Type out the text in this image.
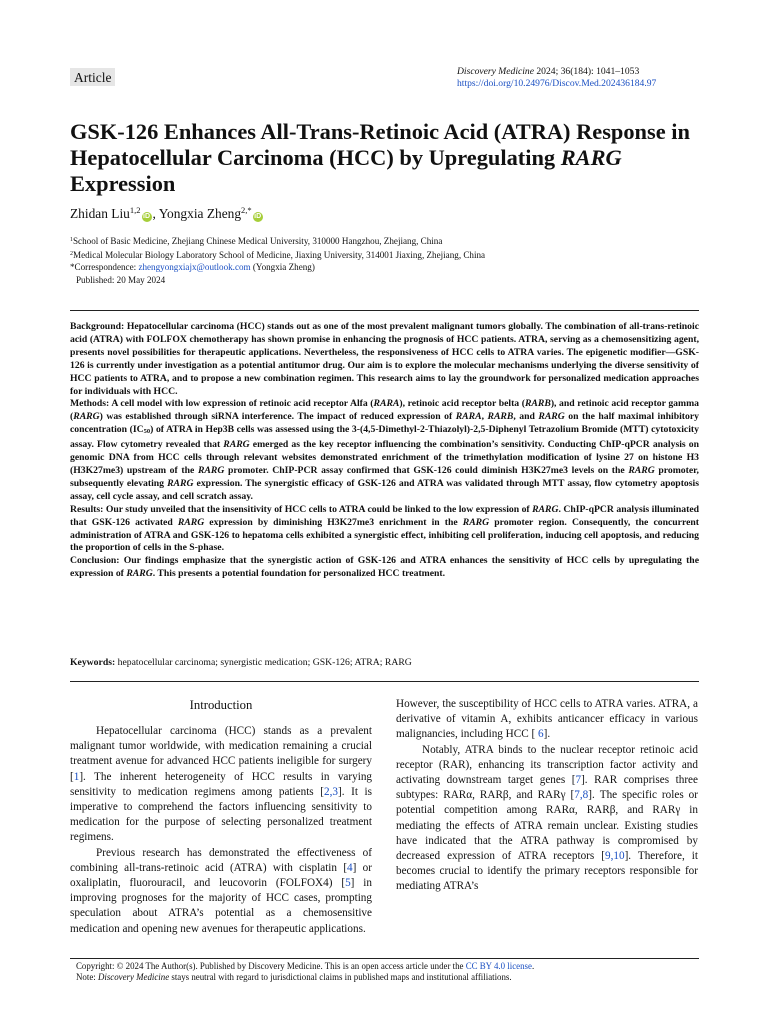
Article	Discovery Medicine 2024; 36(184): 1041–1053
https://doi.org/10.24976/Discov.Med.202436184.97
GSK-126 Enhances All-Trans-Retinoic Acid (ATRA) Response in Hepatocellular Carcinoma (HCC) by Upregulating RARG Expression
Zhidan Liu$^{1,2}$iD , Yongxia Zheng$^{2,*}$iD
$^1$School of Basic Medicine, Zhejiang Chinese Medical University, 310000 Hangzhou, Zhejiang, China
$^2$Medical Molecular Biology Laboratory School of Medicine, Jiaxing University, 314001 Jiaxing, Zhejiang, China
*Correspondence: zhengyongxiajx@outlook.com (Yongxia Zheng)
Published: 20 May 2024

Background: Hepatocellular carcinoma (HCC) stands out as one of the most prevalent malignant tumors globally. The combination of all-trans-retinoic acid (ATRA) with FOLFOX chemotherapy has shown promise in enhancing the prognosis of HCC patients. ATRA, serving as a chemosensitizing agent, presents novel possibilities for therapeutic applications. Nevertheless, the responsiveness of HCC cells to ATRA varies. The epigenetic modifier—GSK-126 is currently under investigation as a potential antitumor drug. Our aim is to explore the molecular mechanisms underlying the diverse sensitivity of HCC patients to ATRA, and to propose a new combination regimen. This research aims to lay the groundwork for personalized medication approaches for individuals with HCC.

Methods: A cell model with low expression of retinoic acid receptor Alfa (RARA), retinoic acid receptor belta (RARB), and retinoic acid receptor gamma (RARG) was established through siRNA interference. The impact of reduced expression of RARA, RARB, and RARG on the half maximal inhibitory concentration $(IC_{50})$ of ATRA in Hep3B cells was assessed using the 3-(4,5-Dimethyl-2-Thiazolyl)-2,5-Diphenyl Tetrazolium Bromide (MTT) cytotoxicity assay. Flow cytometry revealed that RARG emerged as the key receptor influencing the combination’s sensitivity. Conducting ChIP-qPCR analysis on genomic DNA from HCC cells through relevant websites demonstrated enrichment of the trimethylation modification of lysine 27 on histone H3 (H3K27me3) upstream of the RARG promoter. ChIP-PCR assay confirmed that GSK-126 could diminish H3K27me3 levels on the RARG promoter, subsequently elevating RARG expression. The synergistic efficacy of GSK-126 and ATRA was validated through MTT assay, flow cytometry apoptosis assay, cell cycle assay, and cell scratch assay.

Results: Our study unveiled that the insensitivity of HCC cells to ATRA could be linked to the low expression of RARG. ChIP-qPCR analysis illuminated that GSK-126 activated RARG expression by diminishing H3K27me3 enrichment in the RARG promoter region. Consequently, the concurrent administration of ATRA and GSK-126 to hepatoma cells exhibited a synergistic effect, inhibiting cell proliferation, inducing cell apoptosis, and reducing the proportion of cells in the S-phase.

Conclusion: Our findings emphasize that the synergistic action of GSK-126 and ATRA enhances the sensitivity of HCC cells by upregulating the expression of RARG. This presents a potential foundation for personalized HCC treatment.

Keywords: hepatocellular carcinoma; synergistic medication; GSK-126; ATRA; RARG
Introduction

Hepatocellular carcinoma (HCC) stands as a prevalent malignant tumor worldwide, with medication remaining a crucial treatment avenue for advanced HCC patients ineligible for surgery [1]. The inherent heterogeneity of HCC results in varying sensitivity to medication regimens among patients [2,3]. It is imperative to comprehend the factors influencing sensitivity to medication for the purpose of selecting personalized treatment regimens.

Previous research has demonstrated the effectiveness of combining all-trans-retinoic acid (ATRA) with cisplatin [4] or oxaliplatin, fluorouracil, and leucovorin (FOLFOX4) [5] in improving prognoses for the majority of HCC cases, prompting speculation about ATRA’s potential as a chemosensitive medication and opening new avenues for therapeutic applications.

However, the susceptibility of HCC cells to ATRA varies. ATRA, a derivative of vitamin A, exhibits anticancer efficacy in various malignancies, including HCC [ 6].

Notably, ATRA binds to the nuclear receptor retinoic acid receptor (RAR), enhancing its transcription factor activity and activating downstream target genes [7]. RAR comprises three subtypes: RARα, RARβ, and RARγ [7,8]. The specific roles or potential competition among RARα, RARβ, and RARγ in mediating the effects of ATRA remain unclear. Existing studies have indicated that the ATRA pathway is compromised by decreased expression of ATRA receptors [9,10]. Therefore, it becomes crucial to identify the primary receptors responsible for mediating ATRA’s

Copyright: © 2024 The Author(s). Published by Discovery Medicine. This is an open access article under the CC BY 4.0 license.
Note: Discovery Medicine stays neutral with regard to jurisdictional claims in published maps and institutional affiliations.
